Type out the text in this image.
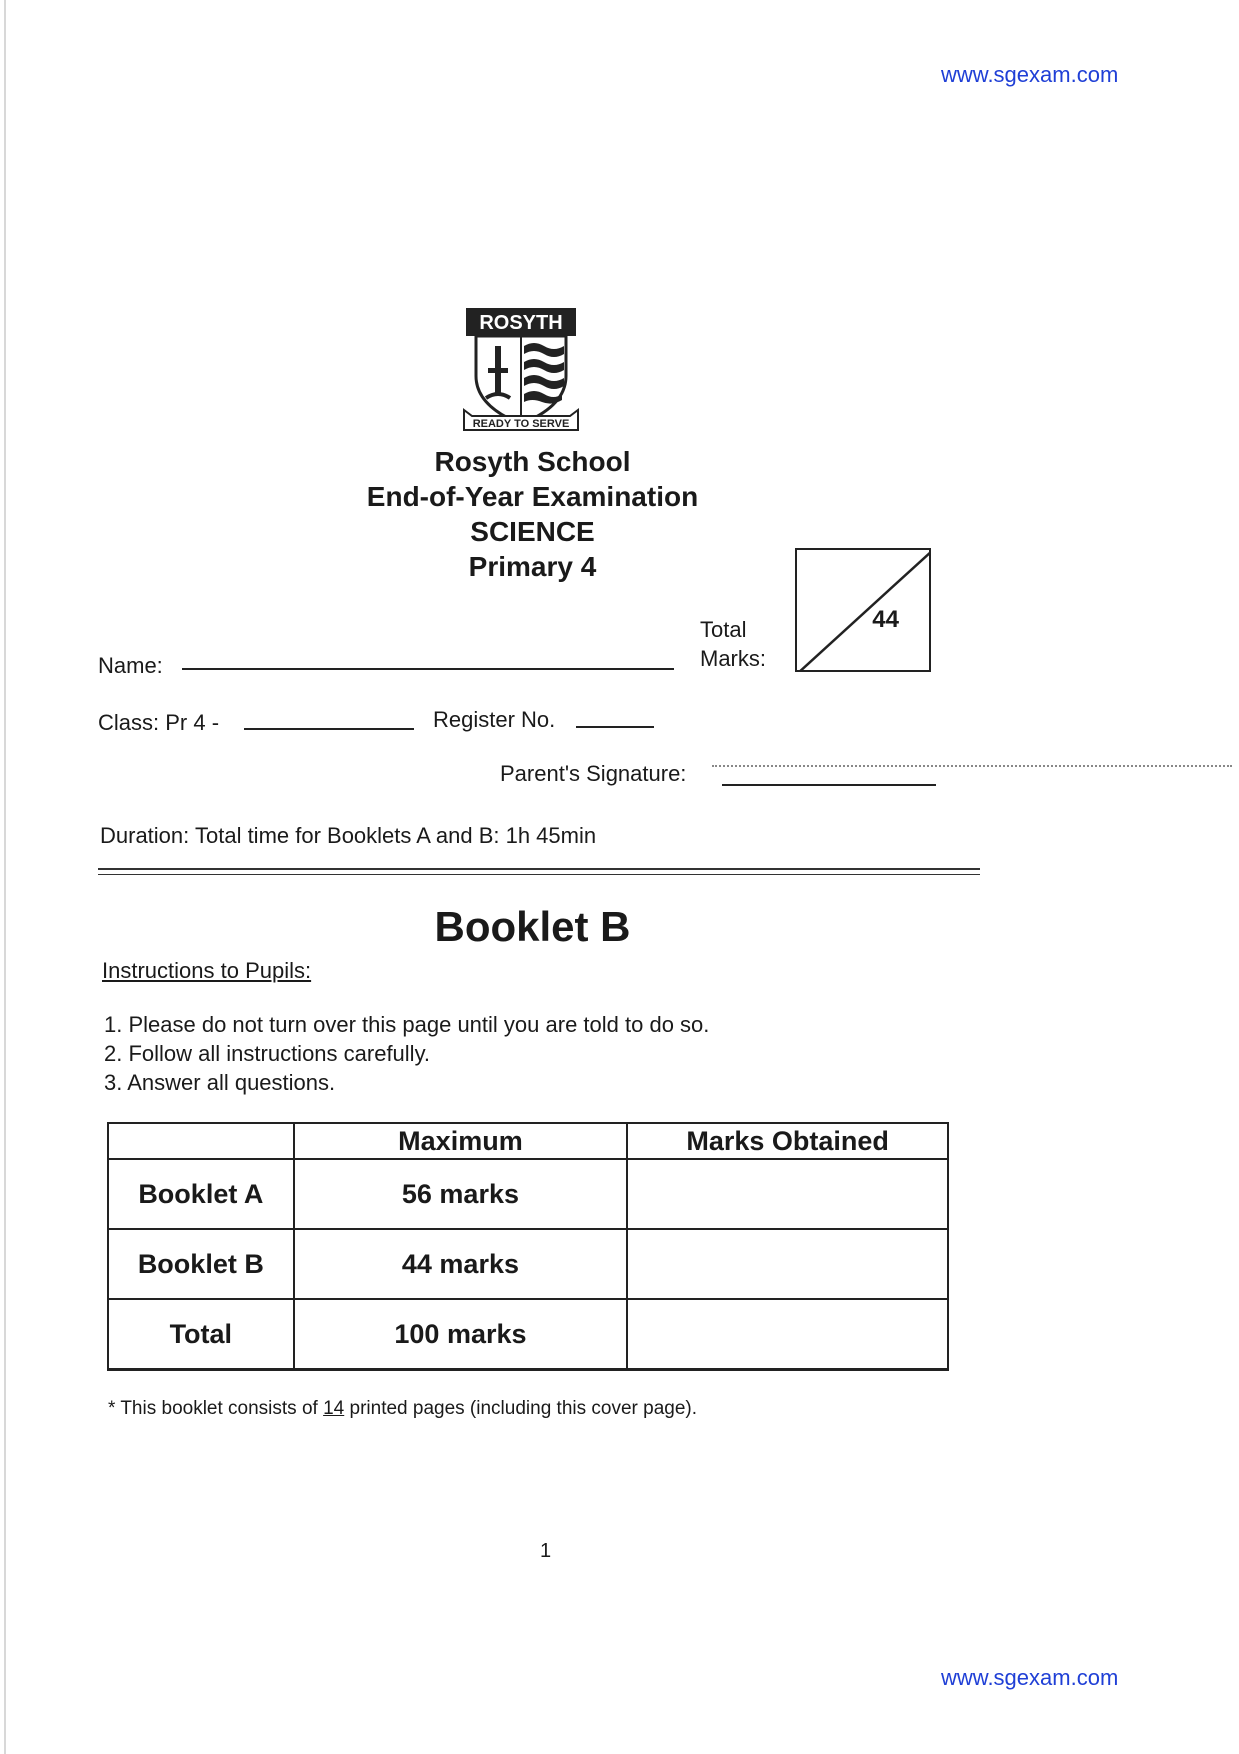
www.sgexam.com
ROSYTH
READY TO SERVE
Rosyth School
End-of-Year Examination
SCIENCE
Primary 4
Total
Marks:
44
Name:
Class: Pr 4 -	Register No.
Parent's Signature:
Duration: Total time for Booklets A and B: 1h 45min
Booklet B
Instructions to Pupils:
1. Please do not turn over this page until you are told to do so.
2. Follow all instructions carefully.
3. Answer all questions.
	Maximum	Marks Obtained
Booklet A	56 marks	
Booklet B	44 marks	
Total	100 marks	
* This booklet consists of 14 printed pages (including this cover page).
1
www.sgexam.com
